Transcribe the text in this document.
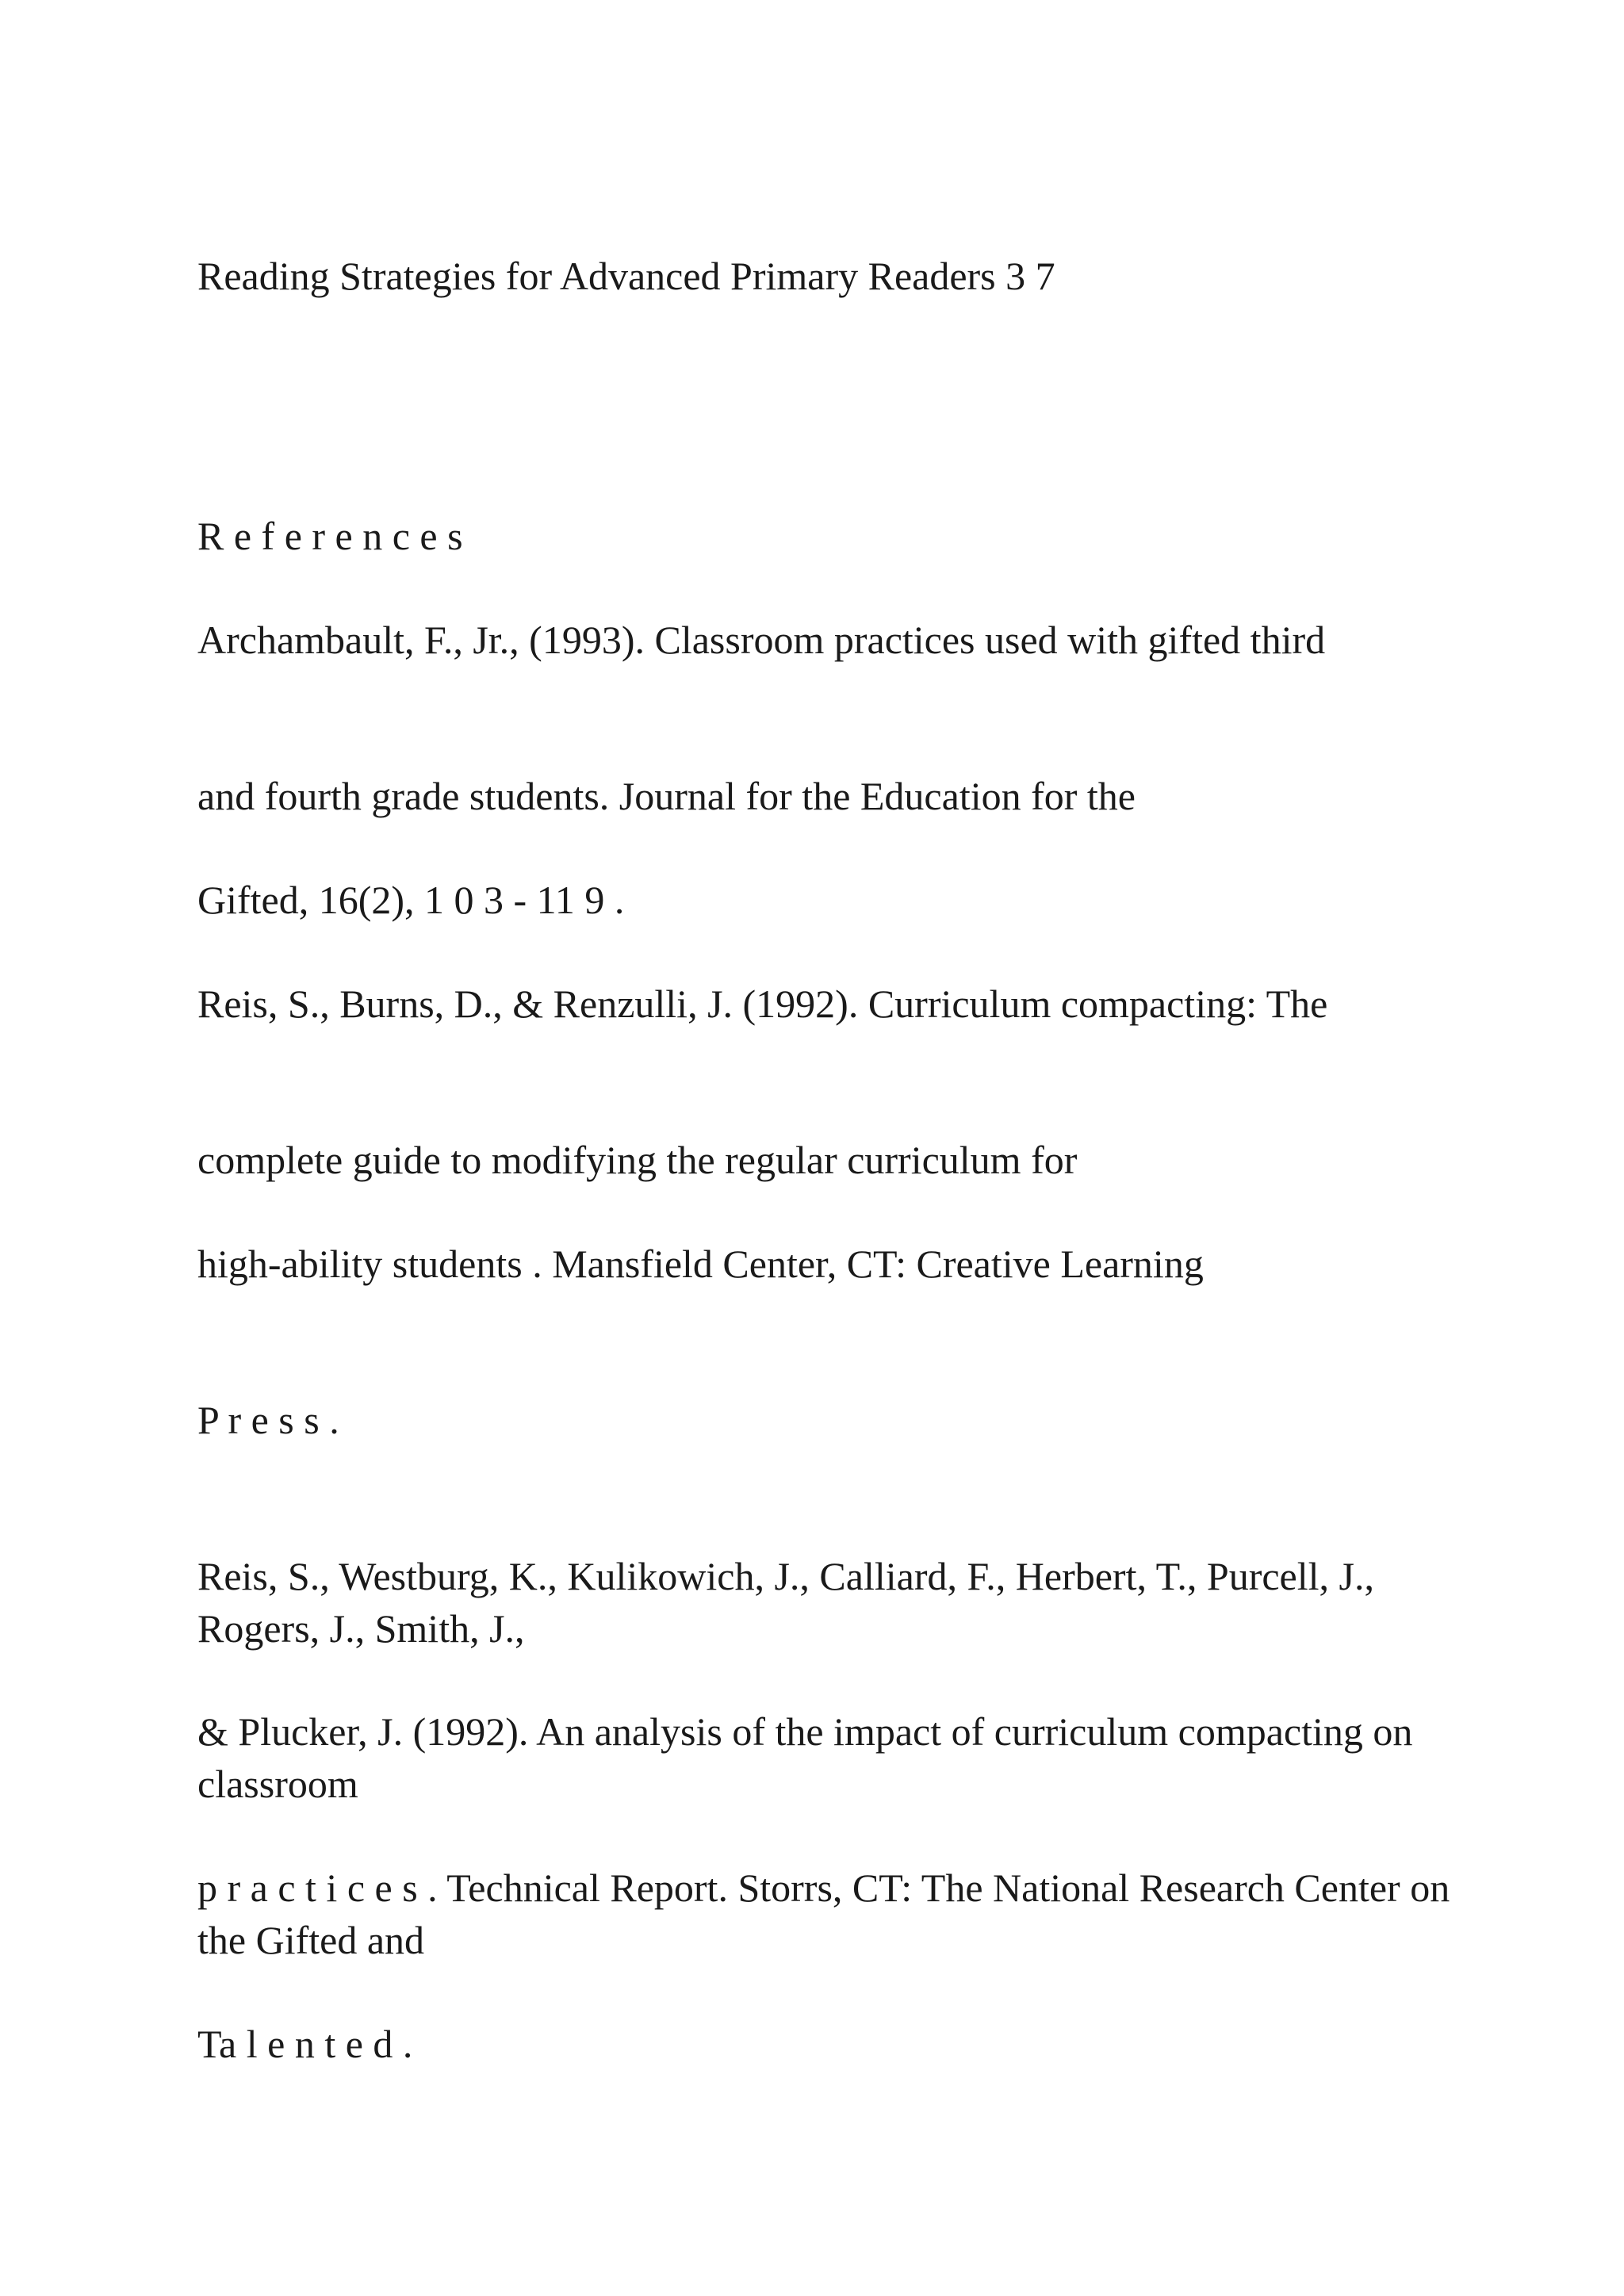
Reading Strategies for Advanced Primary Readers 3 7

R e f e r e n c e s

Archambault, F., Jr., (1993). Classroom practices used with gifted third

and fourth grade students. Journal for the Education for the

Gifted, 16(2), 1 0 3 - 11 9 .

Reis, S., Burns, D., & Renzulli, J. (1992). Curriculum compacting: The

complete guide to modifying the regular curriculum for

high-ability students . Mansfield Center, CT: Creative Learning

P r e s s .

Reis, S., Westburg, K., Kulikowich, J., Calliard, F., Herbert, T., Purcell, J., Rogers, J., Smith, J.,

& Plucker, J. (1992). An analysis of the impact of curriculum compacting on classroom

p r a c t i c e s . Technical Report. Storrs, CT: The National Research Center on the Gifted and

Ta l e n t e d .
